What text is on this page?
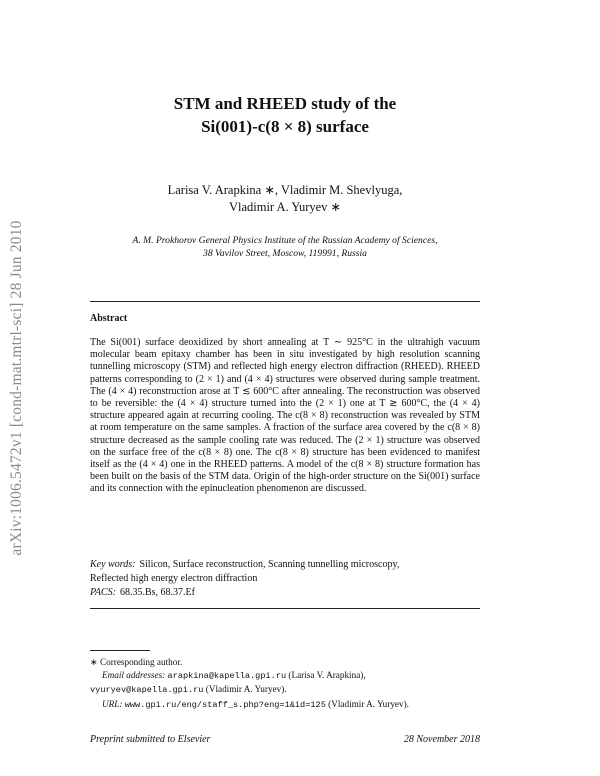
arXiv:1006.5472v1 [cond-mat.mtrl-sci] 28 Jun 2010
STM and RHEED study of the
Si(001)-c(8 × 8) surface
Larisa V. Arapkina ∗, Vladimir M. Shevlyuga,
Vladimir A. Yuryev ∗
A. M. Prokhorov General Physics Institute of the Russian Academy of Sciences,
38 Vavilov Street, Moscow, 119991, Russia
Abstract
The Si(001) surface deoxidized by short annealing at T ∼ 925°C in the ultrahigh vacuum molecular beam epitaxy chamber has been in situ investigated by high resolution scanning tunnelling microscopy (STM) and reflected high energy electron diffraction (RHEED). RHEED patterns corresponding to (2 × 1) and (4 × 4) structures were observed during sample treatment. The (4 × 4) reconstruction arose at T ≲ 600°C after annealing. The reconstruction was observed to be reversible: the (4 × 4) structure turned into the (2 × 1) one at T ≳ 600°C, the (4 × 4) structure appeared again at recurring cooling. The c(8 × 8) reconstruction was revealed by STM at room temperature on the same samples. A fraction of the surface area covered by the c(8 × 8) structure decreased as the sample cooling rate was reduced. The (2 × 1) structure was observed on the surface free of the c(8 × 8) one. The c(8 × 8) structure has been evidenced to manifest itself as the (4 × 4) one in the RHEED patterns. A model of the c(8 × 8) structure formation has been built on the basis of the STM data. Origin of the high-order structure on the Si(001) surface and its connection with the epinucleation phenomenon are discussed.
Key words: Silicon, Surface reconstruction, Scanning tunnelling microscopy,
Reflected high energy electron diffraction
PACS: 68.35.Bs, 68.37.Ef
∗ Corresponding author.
Email addresses: arapkina@kapella.gpi.ru (Larisa V. Arapkina),
vyuryev@kapella.gpi.ru (Vladimir A. Yuryev).
URL: www.gpi.ru/eng/staff_s.php?eng=1&id=125 (Vladimir A. Yuryev).
Preprint submitted to Elsevier	28 November 2018
